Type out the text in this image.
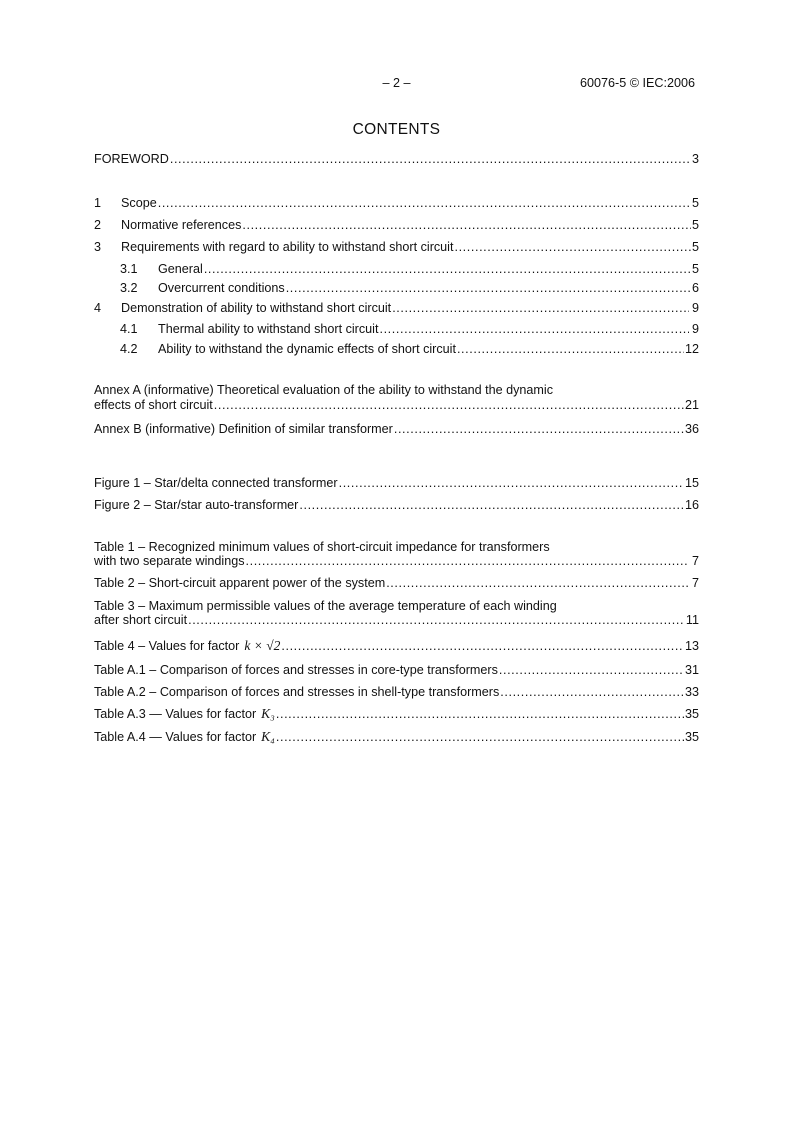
– 2 –	60076-5 © IEC:2006
CONTENTS
FOREWORD .....	3
1	Scope .....	5
2	Normative references .....	5
3	Requirements with regard to ability to withstand short circuit .....	5
3.1	General .....	5
3.2	Overcurrent conditions .....	6
4	Demonstration of ability to withstand short circuit .....	9
4.1	Thermal ability to withstand short circuit .....	9
4.2	Ability to withstand the dynamic effects of short circuit .....	12
Annex A (informative) Theoretical evaluation of the ability to withstand the dynamic
effects of short circuit .....	21
Annex B (informative) Definition of similar transformer .....	36
Figure 1 – Star/delta connected transformer .....	15
Figure 2 – Star/star auto-transformer .....	16
Table 1 – Recognized minimum values of short-circuit impedance for transformers
with two separate windings .....	7
Table 2 – Short-circuit apparent power of the system .....	7
Table 3 – Maximum permissible values of the average temperature of each winding
after short circuit .....	11
Table 4 – Values for factor k × √2 .....	13
Table A.1 – Comparison of forces and stresses in core-type transformers .....	31
Table A.2 – Comparison of forces and stresses in shell-type transformers .....	33
Table A.3 — Values for factor K₃ .....	35
Table A.4 — Values for factor K₄ .....	35
